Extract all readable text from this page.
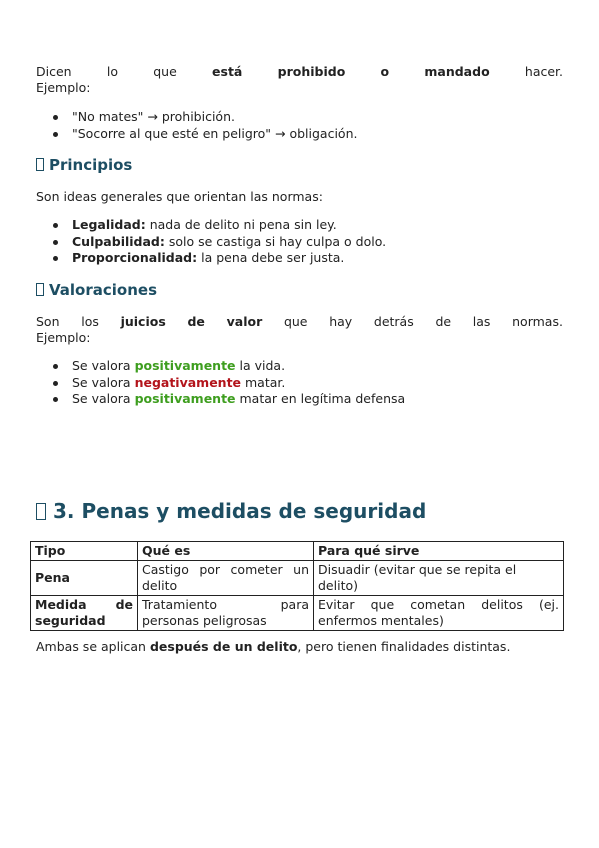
Dicen	lo	que	está	prohibido	o	mandado	hacer.

Ejemplo:

"No mates" → prohibición.
"Socorre al que esté en peligro" → obligación.
Principios

Son ideas generales que orientan las normas:

Legalidad: nada de delito ni pena sin ley.
Culpabilidad: solo se castiga si hay culpa o dolo.
Proporcionalidad: la pena debe ser justa.
Valoraciones

Son los juicios de valor que hay detrás de las normas.

Ejemplo:

Se valora positivamente la vida.
Se valora negativamente matar.
Se valora positivamente matar en legítima defensa
3. Penas y medidas de seguridad

Ambas se aplican después de un delito, pero tienen finalidades distintas.

Tipo	Qué es	Para qué sirve
Pena	Castigo por cometer un delito	Disuadir (evitar que se repita el delito)
Medida de seguridad	Tratamiento para personas peligrosas	Evitar que cometan delitos (ej. enfermos mentales)
